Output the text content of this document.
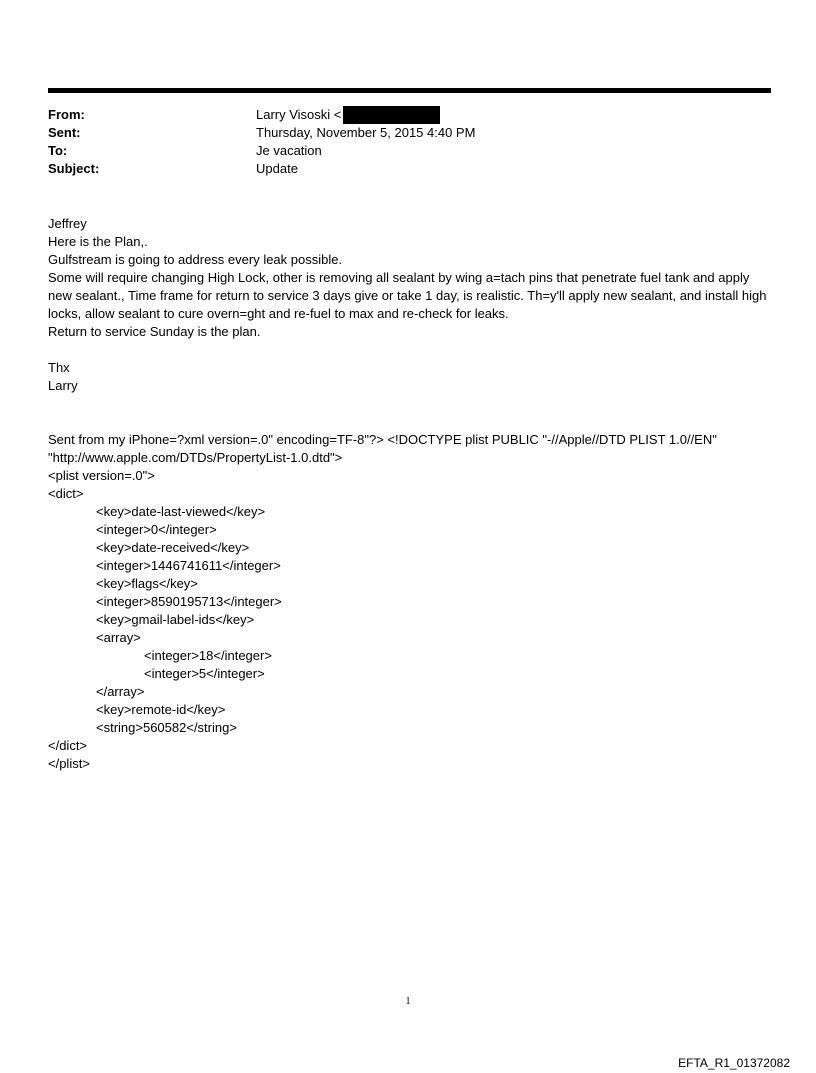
From:	Larry Visoski <
Sent:	Thursday, November 5, 2015 4:40 PM
To:	Je vacation
Subject:	Update
Jeffrey
Here is the Plan,.
Gulfstream is going to address every leak possible.
Some will require changing High Lock, other is removing all sealant by wing a=tach pins that penetrate fuel tank and apply new sealant., Time frame for return to service 3 days give or take 1 day, is realistic. Th=y'll apply new sealant, and install high locks, allow sealant to cure overn=ght and re-fuel to max and re-check for leaks.
Return to service Sunday is the plan.
Thx
Larry
Sent from my iPhone=?xml version=.0" encoding=TF-8"?> <!DOCTYPE plist PUBLIC "-//Apple//DTD PLIST 1.0//EN"
"http://www.apple.com/DTDs/PropertyList-1.0.dtd">
<plist version=.0">
<dict>
<key>date-last-viewed</key>
<integer>0</integer>
<key>date-received</key>
<integer>1446741611</integer>
<key>flags</key>
<integer>8590195713</integer>
<key>gmail-label-ids</key>
<array>
<integer>18</integer>
<integer>5</integer>
</array>
<key>remote-id</key>
<string>560582</string>
</dict>
</plist>
1
EFTA_R1_01372082
